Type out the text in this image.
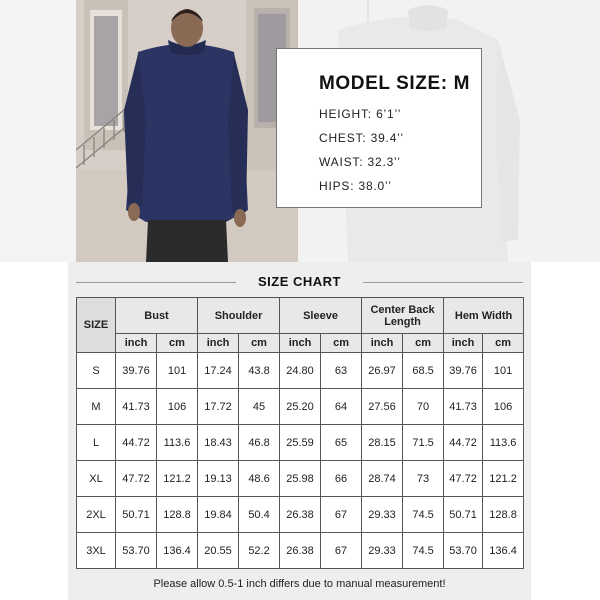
MODEL SIZE: M
HEIGHT: 6’1’’
CHEST: 39.4’’
WAIST: 32.3’’
HIPS: 38.0’’
SIZE CHART
SIZE	Bust		Shoulder		Sleeve		Center Back Length		Hem Width	
	inch	cm	inch	cm	inch	cm	inch	cm	inch	cm
S	39.76	101	17.24	43.8	24.80	63	26.97	68.5	39.76	101
M	41.73	106	17.72	45	25.20	64	27.56	70	41.73	106
L	44.72	113.6	18.43	46.8	25.59	65	28.15	71.5	44.72	113.6
XL	47.72	121.2	19.13	48.6	25.98	66	28.74	73	47.72	121.2
2XL	50.71	128.8	19.84	50.4	26.38	67	29.33	74.5	50.71	128.8
3XL	53.70	136.4	20.55	52.2	26.38	67	29.33	74.5	53.70	136.4
Please allow 0.5-1 inch differs due to manual measurement!
